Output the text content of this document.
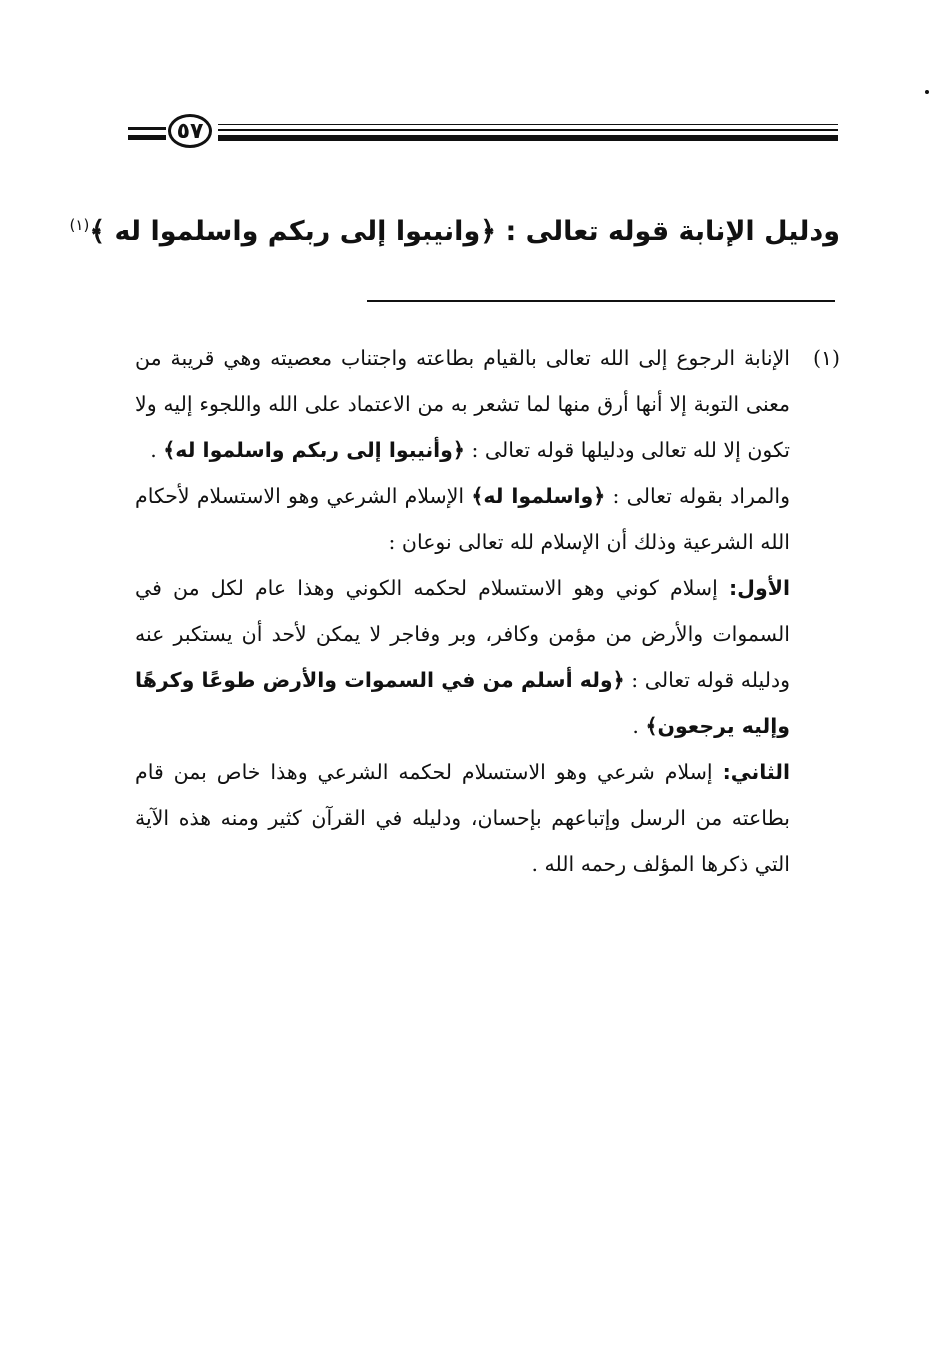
٥٧
ودليل الإنابة قوله تعالى : ﴿وانيبوا إلى ربكم واسلموا له ﴾$^{(١)}$
(١)

الإنابة الرجوع إلى الله تعالى بالقيام بطاعته واجتناب معصيته وهي قريبة من معنى التوبة إلا أنها أرق منها لما تشعر به من الاعتماد على الله واللجوء إليه ولا تكون إلا لله تعالى ودليلها قوله تعالى : ﴿وأنيبوا إلى ربكم واسلموا له﴾ .

والمراد بقوله تعالى : ﴿واسلموا له﴾ الإسلام الشرعي وهو الاستسلام لأحكام الله الشرعية وذلك أن الإسلام لله تعالى نوعان :

الأول: إسلام كوني وهو الاستسلام لحكمه الكوني وهذا عام لكل من في السموات والأرض من مؤمن وكافر، وبر وفاجر لا يمكن لأحد أن يستكبر عنه ودليله قوله تعالى : ﴿وله أسلم من في السموات والأرض طوعًا وكرهًا وإليه يرجعون﴾ .

الثاني: إسلام شرعي وهو الاستسلام لحكمه الشرعي وهذا خاص بمن قام بطاعته من الرسل وإتباعهم بإحسان، ودليله في القرآن كثير ومنه هذه الآية التي ذكرها المؤلف رحمه الله .
